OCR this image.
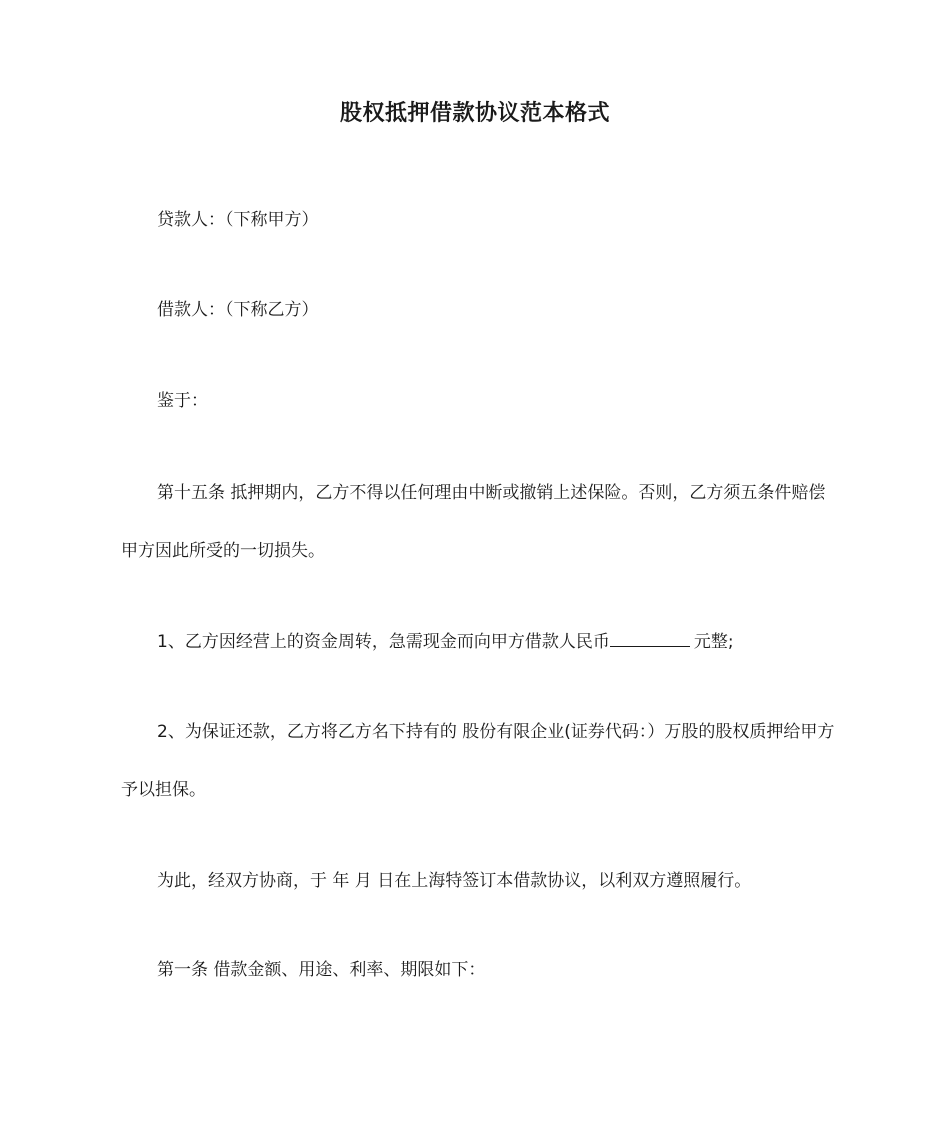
股权抵押借款协议范本格式
贷款人：（下称甲方）
借款人：（下称乙方）
鉴于：
第十五条 抵押期内，乙方不得以任何理由中断或撤销上述保险。否则，乙方须五条件赔偿甲方因此所受的一切损失。
1、乙方因经营上的资金周转，急需现金而向甲方借款人民币	元整;
2、为保证还款，乙方将乙方名下持有的 股份有限企业(证券代码：）万股的股权质押给甲方予以担保。
为此，经双方协商，于 年 月 日在上海特签订本借款协议，以利双方遵照履行。
第一条 借款金额、用途、利率、期限如下：
